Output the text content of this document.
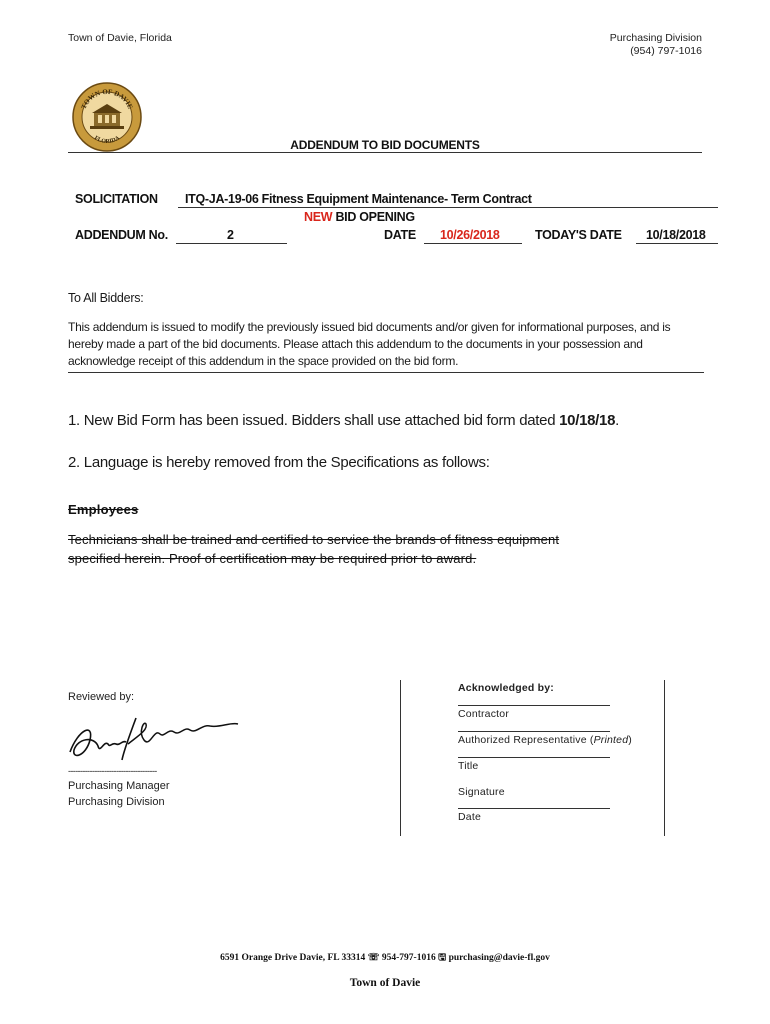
Town of Davie, Florida	Purchasing Division
(954) 797-1016
TOWN OF DAVIE
FLORIDA	ADDENDUM TO BID DOCUMENTS
SOLICITATION ITQ-JA-19-06 Fitness Equipment Maintenance- Term Contract
NEW BID OPENING
ADDENDUM No.	2	DATE 10/26/2018	TODAY'S DATE 10/18/2018
To All Bidders:
This addendum is issued to modify the previously issued bid documents and/or given for informational purposes, and is hereby made a part of the bid documents. Please attach this addendum to the documents in your possession and acknowledge receipt of this addendum in the space provided on the bid form.
1. New Bid Form has been issued. Bidders shall use attached bid form dated 10/18/18.
2. Language is hereby removed from the Specifications as follows:
Employees
Technicians shall be trained and certified to service the brands of fitness equipment
specified herein. Proof of certification may be required prior to award.
Reviewed by:
-------------------------------------
Purchasing Manager
Purchasing Division
Acknowledged by:
Contractor
Authorized Representative (Printed)
Title
Signature
Date
6591 Orange Drive Davie, FL 33314 ☏ 954-797-1016 🖫 purchasing@davie-fl.gov
Town of Davie
